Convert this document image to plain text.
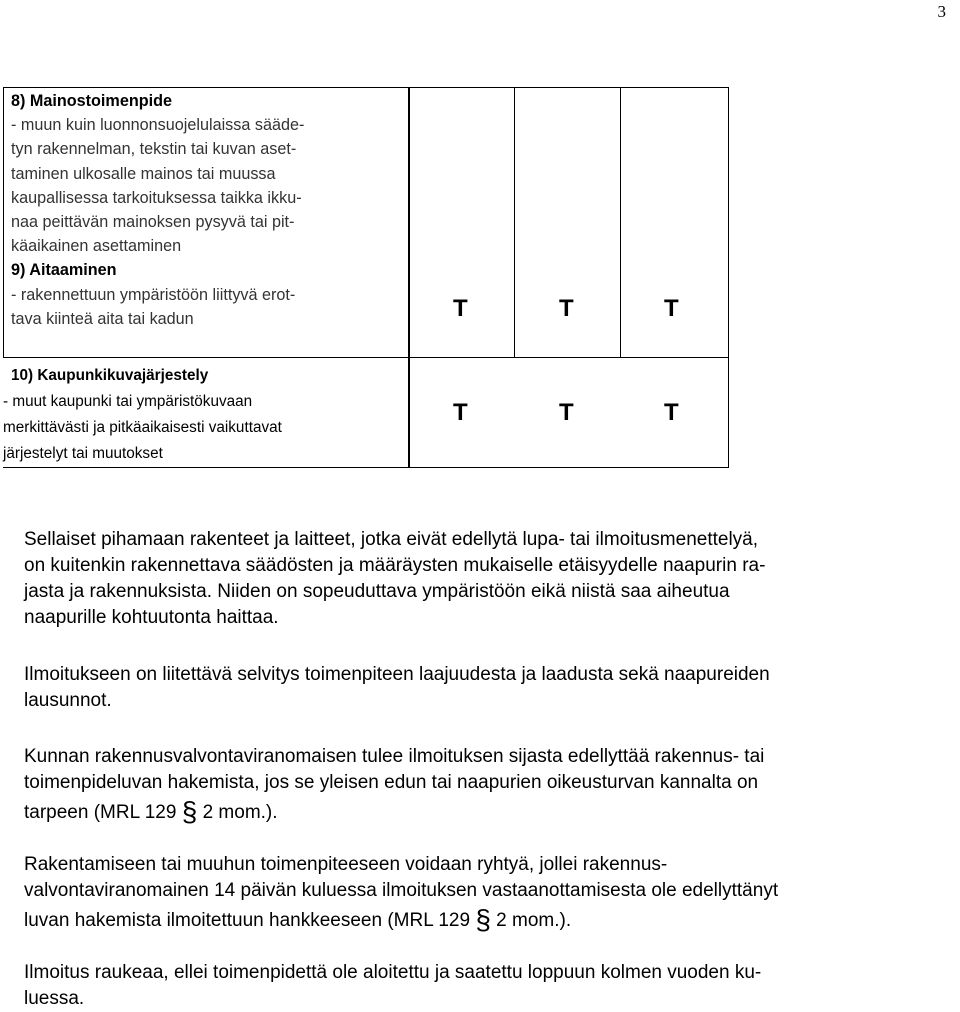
3
8) Mainostoimenpide
- muun kuin luonnonsuojelulaissa sääde-
tyn rakennelman, tekstin tai kuvan aset-
taminen ulkosalle mainos tai muussa
kaupallisessa tarkoituksessa taikka ikku-
naa peittävän mainoksen pysyvä tai pit-
käaikainen asettaminen
9) Aitaaminen
- rakennettuun ympäristöön liittyvä erot-
tava kiinteä aita tai kadun	T	T	T
10) Kaupunkikuvajärjestely
- muut kaupunki tai ympäristökuvaan
merkittävästi ja pitkäaikaisesti vaikuttavat
järjestelyt tai muutokset
T	T	T
Sellaiset pihamaan rakenteet ja laitteet, jotka eivät edellytä lupa- tai ilmoitusmenettelyä,
on kuitenkin rakennettava säädösten ja määräysten mukaiselle etäisyydelle naapurin ra-
jasta ja rakennuksista. Niiden on sopeuduttava ympäristöön eikä niistä saa aiheutua
naapurille kohtuutonta haittaa.
Ilmoitukseen on liitettävä selvitys toimenpiteen laajuudesta ja laadusta sekä naapureiden
lausunnot.
Kunnan rakennusvalvontaviranomaisen tulee ilmoituksen sijasta edellyttää rakennus- tai
toimenpideluvan hakemista, jos se yleisen edun tai naapurien oikeusturvan kannalta on
tarpeen (MRL 129 § 2 mom.).
Rakentamiseen tai muuhun toimenpiteeseen voidaan ryhtyä, jollei rakennus-
valvontaviranomainen 14 päivän kuluessa ilmoituksen vastaanottamisesta ole edellyttänyt
luvan hakemista ilmoitettuun hankkeeseen (MRL 129 § 2 mom.).
Ilmoitus raukeaa, ellei toimenpidettä ole aloitettu ja saatettu loppuun kolmen vuoden ku-
luessa.
